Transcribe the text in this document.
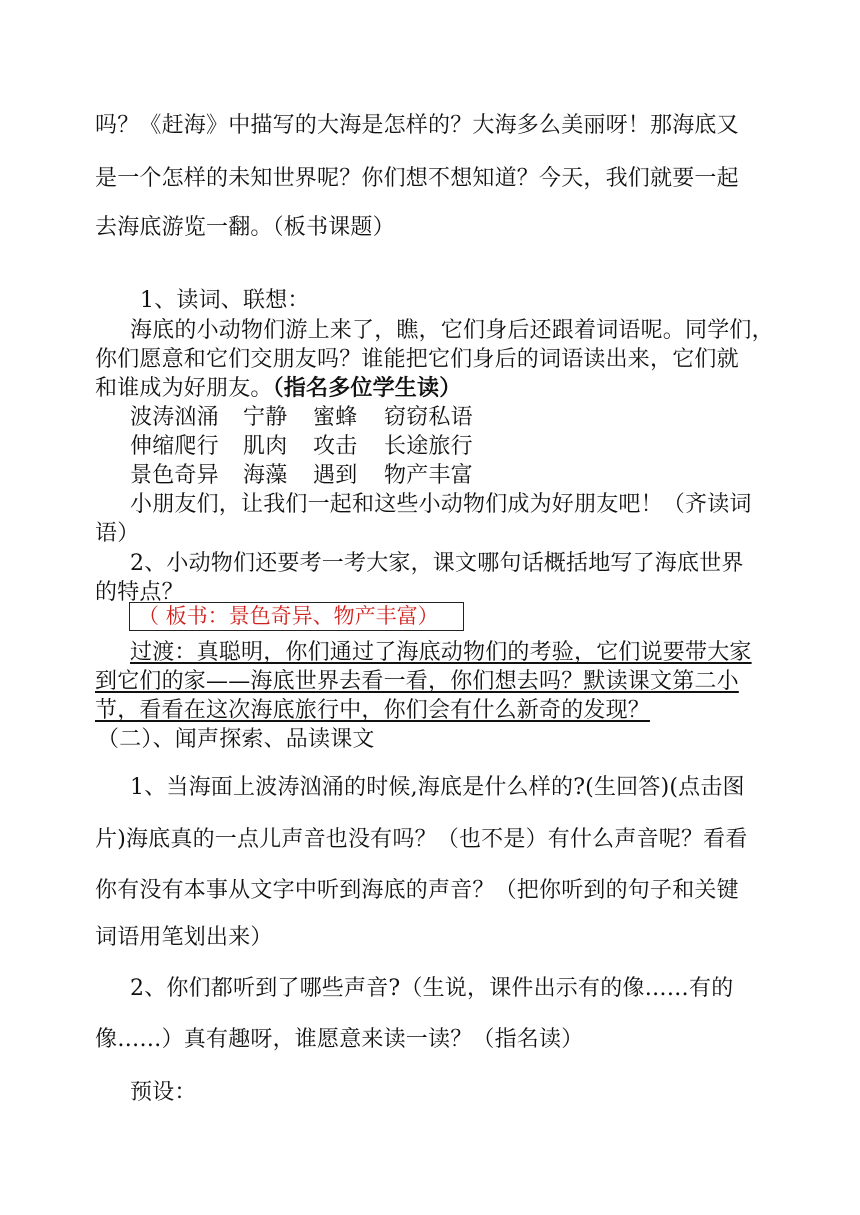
吗？《赶海》中描写的大海是怎样的？大海多么美丽呀！那海底又
是一个怎样的未知世界呢？你们想不想知道？今天，我们就要一起
去海底游览一翻。（板书课题）
1、读词、联想：
海底的小动物们游上来了，瞧，它们身后还跟着词语呢。同学们，
你们愿意和它们交朋友吗？谁能把它们身后的词语读出来，它们就
和谁成为好朋友。（指名多位学生读）
波涛汹涌 宁静 蜜蜂 窃窃私语
伸缩爬行 肌肉 攻击 长途旅行
景色奇异 海藻 遇到 物产丰富
小朋友们，让我们一起和这些小动物们成为好朋友吧！（齐读词
语）
2、小动物们还要考一考大家，课文哪句话概括地写了海底世界
的特点？
（ 板书：景色奇异、物产丰富）
过渡：真聪明，你们通过了海底动物们的考验，它们说要带大家
到它们的家——海底世界去看一看，你们想去吗？默读课文第二小
节，看看在这次海底旅行中，你们会有什么新奇的发现？
（二）、闻声探索、品读课文
1、当海面上波涛汹涌的时候,海底是什么样的?(生回答)(点击图
片)海底真的一点儿声音也没有吗？（也不是）有什么声音呢？看看
你有没有本事从文字中听到海底的声音？（把你听到的句子和关键
词语用笔划出来）
2、你们都听到了哪些声音?（生说，课件出示有的像……有的
像……）真有趣呀，谁愿意来读一读？（指名读）
预设：
